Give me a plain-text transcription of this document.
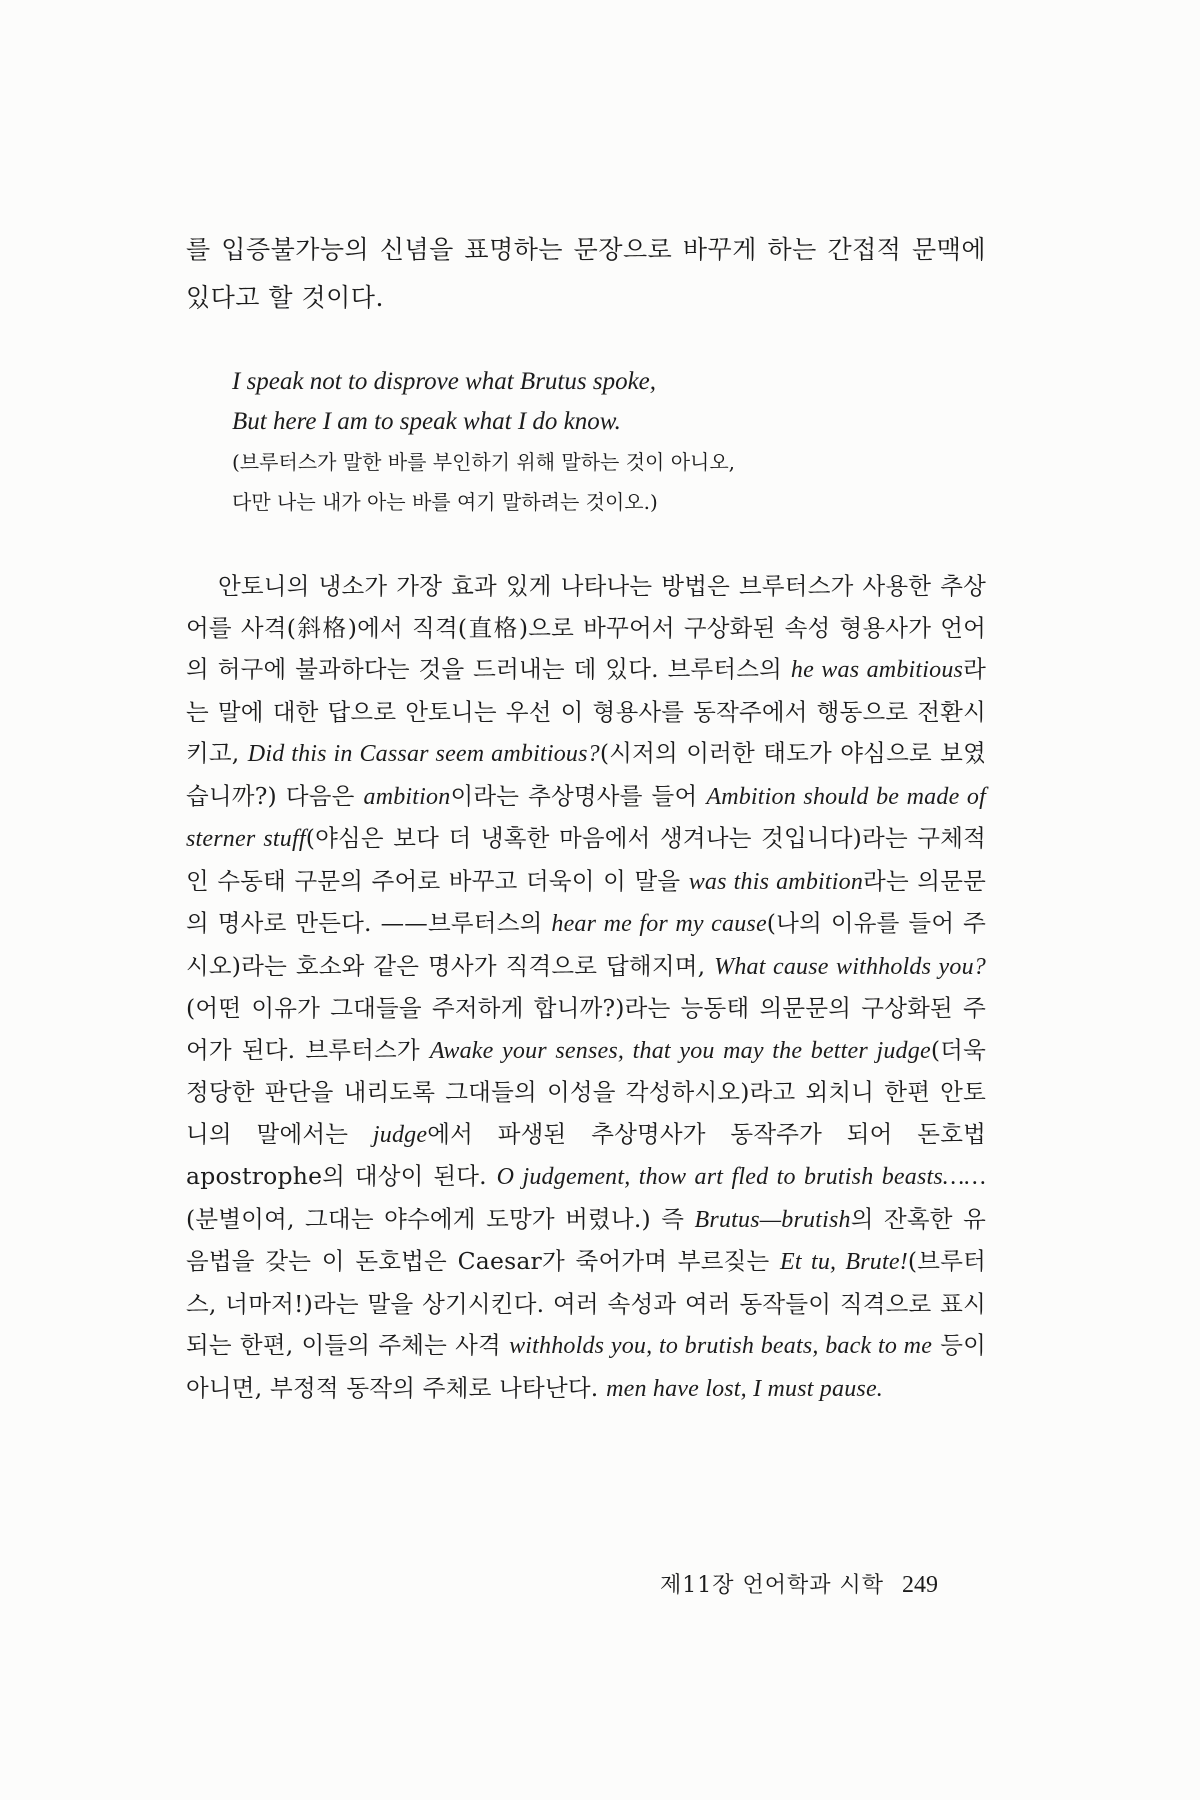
를 입증불가능의 신념을 표명하는 문장으로 바꾸게 하는 간접적 문맥에 있다고 할 것이다.

I speak not to disprove what Brutus spoke,
But here I am to speak what I do know.
(브루터스가 말한 바를 부인하기 위해 말하는 것이 아니오,
다만 나는 내가 아는 바를 여기 말하려는 것이오.)

안토니의 냉소가 가장 효과 있게 나타나는 방법은 브루터스가 사용한 추상어를 사격(斜格)에서 직격(直格)으로 바꾸어서 구상화된 속성 형용사가 언어의 허구에 불과하다는 것을 드러내는 데 있다. 브루터스의 he was ambitious라는 말에 대한 답으로 안토니는 우선 이 형용사를 동작주에서 행동으로 전환시키고, Did this in Cassar seem ambitious?(시저의 이러한 태도가 야심으로 보였습니까?) 다음은 ambition이라는 추상명사를 들어 Ambition should be made of sterner stuff(야심은 보다 더 냉혹한 마음에서 생겨나는 것입니다)라는 구체적인 수동태 구문의 주어로 바꾸고 더욱이 이 말을 was this ambition라는 의문문의 명사로 만든다. ——브루터스의 hear me for my cause(나의 이유를 들어 주시오)라는 호소와 같은 명사가 직격으로 답해지며, What cause withholds you?(어떤 이유가 그대들을 주저하게 합니까?)라는 능동태 의문문의 구상화된 주어가 된다. 브루터스가 Awake your senses, that you may the better judge(더욱 정당한 판단을 내리도록 그대들의 이성을 각성하시오)라고 외치니 한편 안토니의 말에서는 judge에서 파생된 추상명사가 동작주가 되어 돈호법 apostrophe의 대상이 된다. O judgement, thow art fled to brutish beasts……(분별이여, 그대는 야수에게 도망가 버렸나.) 즉 Brutus—brutish의 잔혹한 유음법을 갖는 이 돈호법은 Caesar가 죽어가며 부르짖는 Et tu, Brute!(브루터스, 너마저!)라는 말을 상기시킨다. 여러 속성과 여러 동작들이 직격으로 표시되는 한편, 이들의 주체는 사격 withholds you, to brutish beats, back to me 등이 아니면, 부정적 동작의 주체로 나타난다. men have lost, I must pause.

제11장 언어학과 시학 249
